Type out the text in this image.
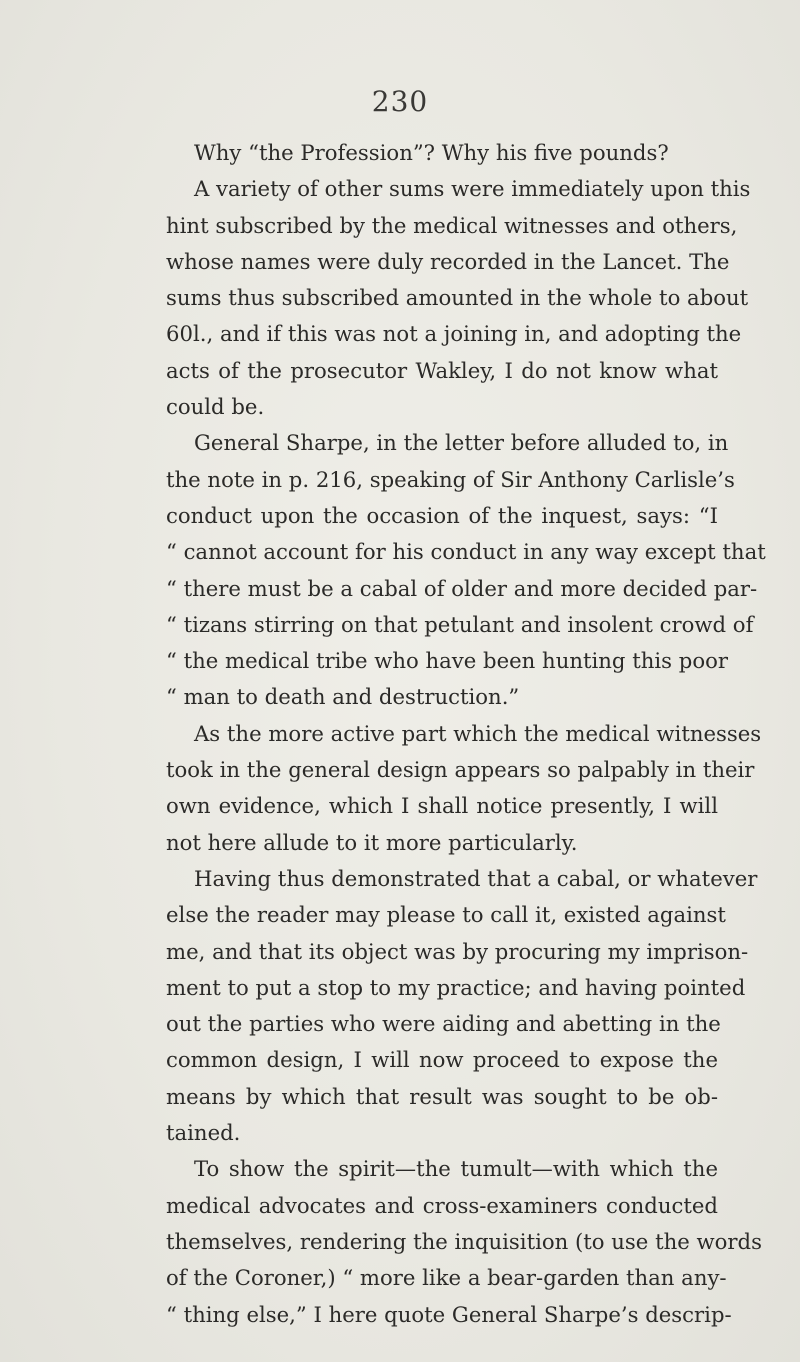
230
Why “the Profession”? Why his five pounds?
A variety of other sums were immediately upon this
hint subscribed by the medical witnesses and others,
whose names were duly recorded in the Lancet. The
sums thus subscribed amounted in the whole to about
60l., and if this was not a joining in, and adopting the
acts of the prosecutor Wakley, I do not know what
could be.
General Sharpe, in the letter before alluded to, in
the note in p. 216, speaking of Sir Anthony Carlisle’s
conduct upon the occasion of the inquest, says: “I
“ cannot account for his conduct in any way except that
“ there must be a cabal of older and more decided par-
“ tizans stirring on that petulant and insolent crowd of
“ the medical tribe who have been hunting this poor
“ man to death and destruction.”
As the more active part which the medical witnesses
took in the general design appears so palpably in their
own evidence, which I shall notice presently, I will
not here allude to it more particularly.
Having thus demonstrated that a cabal, or whatever
else the reader may please to call it, existed against
me, and that its object was by procuring my imprison-
ment to put a stop to my practice; and having pointed
out the parties who were aiding and abetting in the
common design, I will now proceed to expose the
means by which that result was sought to be ob-
tained.
To show the spirit—the tumult—with which the
medical advocates and cross-examiners conducted
themselves, rendering the inquisition (to use the words
of the Coroner,) “ more like a bear-garden than any-
“ thing else,” I here quote General Sharpe’s descrip-
